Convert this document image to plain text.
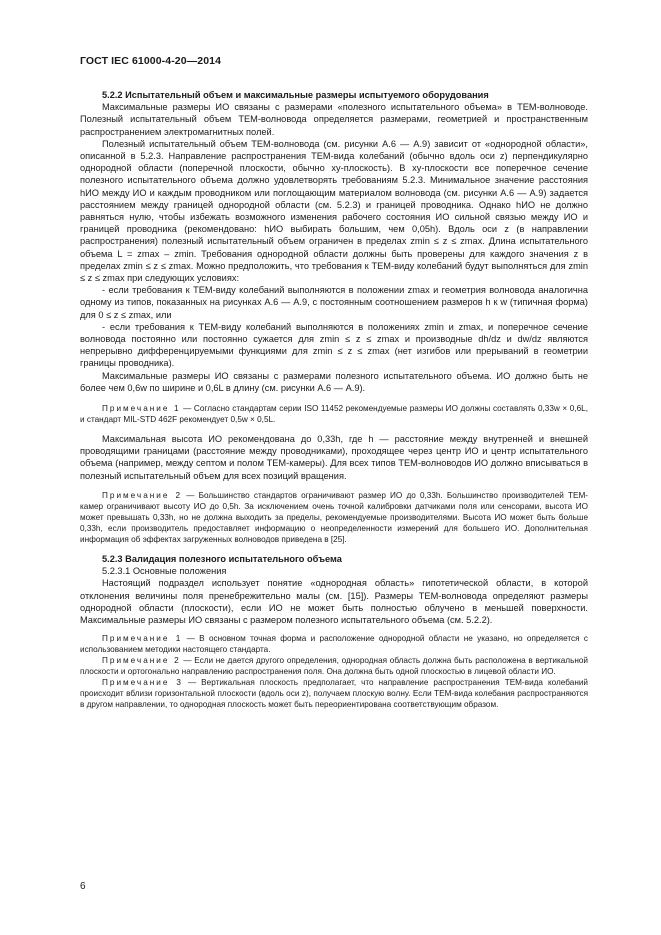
ГОСТ IEC 61000-4-20—2014
5.2.2 Испытательный объем и максимальные размеры испытуемого оборудования

Максимальные размеры ИО связаны с размерами «полезного испытательного объема» в ТЕМ-волноводе. Полезный испытательный объем ТЕМ-волновода определяется размерами, геометрией и пространственным распространением электромагнитных полей.

Полезный испытательный объем ТЕМ-волновода (см. рисунки А.6 — А.9) зависит от «однородной области», описанной в 5.2.3. Направление распространения ТЕМ-вида колебаний (обычно вдоль оси z) перпендикулярно однородной области (поперечной плоскости, обычно xy-плоскость). В xy-плоскости все поперечное сечение полезного испытательного объема должно удовлетворять требованиям 5.2.3. Минимальное значение расстояния hИО между ИО и каждым проводником или поглощающим материалом волновода (см. рисунки А.6 — А.9) задается расстоянием между границей однородной области (см. 5.2.3) и границей проводника. Однако hИО не должно равняться нулю, чтобы избежать возможного изменения рабочего состояния ИО сильной связью между ИО и границей проводника (рекомендовано: hИО выбирать большим, чем 0,05h). Вдоль оси z (в направлении распространения) полезный испытательный объем ограничен в пределах zmin ≤ z ≤ zmax. Длина испытательного объема L = zmax – zmin. Требования однородной области должны быть проверены для каждого значения z в пределах zmin ≤ z ≤ zmax. Можно предположить, что требования к ТЕМ-виду колебаний будут выполняться для zmin ≤ z ≤ zmax при следующих условиях:

- если требования к ТЕМ-виду колебаний выполняются в положении zmax и геометрия волновода аналогична одному из типов, показанных на рисунках А.6 — А.9, с постоянным соотношением размеров h к w (типичная форма) для 0 ≤ z ≤ zmax, или

- если требования к ТЕМ-виду колебаний выполняются в положениях zmin и zmax, и поперечное сечение волновода постоянно или постоянно сужается для zmin ≤ z ≤ zmax и производные dh/dz и dw/dz являются непрерывно дифференцируемыми функциями для zmin ≤ z ≤ zmax (нет изгибов или прерываний в геометрии границы проводника).

Максимальные размеры ИО связаны с размерами полезного испытательного объема. ИО должно быть не более чем 0,6w по ширине и 0,6L в длину (см. рисунки А.6 — А.9).

Примечание 1 — Согласно стандартам серии ISO 11452 рекомендуемые размеры ИО должны составлять 0,33w × 0,6L, и стандарт MIL-STD 462F рекомендует 0,5w × 0,5L.

Максимальная высота ИО рекомендована до 0,33h, где h — расстояние между внутренней и внешней проводящими границами (расстояние между проводниками), проходящее через центр ИО и центр испытательного объема (например, между септом и полом ТЕМ-камеры). Для всех типов ТЕМ-волноводов ИО должно вписываться в полезный испытательный объем для всех позиций вращения.

Примечание 2 — Большинство стандартов ограничивают размер ИО до 0,33h. Большинство производителей ТЕМ-камер ограничивают высоту ИО до 0,5h. За исключением очень точной калибровки датчиками поля или сенсорами, высота ИО может превышать 0,33h, но не должна выходить за пределы, рекомендуемые производителями. Высота ИО может быть больше 0,33h, если производитель предоставляет информацию о неопределенности измерений для большего ИО. Дополнительная информация об эффектах загруженных волноводов приведена в [25].

5.2.3 Валидация полезного испытательного объема
5.2.3.1 Основные положения

Настоящий подраздел использует понятие «однородная область» гипотетической области, в которой отклонения величины поля пренебрежительно малы (см. [15]). Размеры ТЕМ-волновода определяют размеры однородной области (плоскости), если ИО не может быть полностью облучено в меньшей поверхности. Максимальные размеры ИО связаны с размером полезного испытательного объема (см. 5.2.2).

Примечание 1 — В основном точная форма и расположение однородной области не указано, но определяется с использованием методики настоящего стандарта.

Примечание 2 — Если не дается другого определения, однородная область должна быть расположена в вертикальной плоскости и ортогонально направлению распространения поля. Она должна быть одной плоскостью в лицевой области ИО.

Примечание 3 — Вертикальная плоскость предполагает, что направление распространения ТЕМ-вида колебаний происходит вблизи горизонтальной плоскости (вдоль оси z), получаем плоскую волну. Если ТЕМ-вида колебания распространяются в другом направлении, то однородная плоскость может быть переориентирована соответствующим образом.

6
